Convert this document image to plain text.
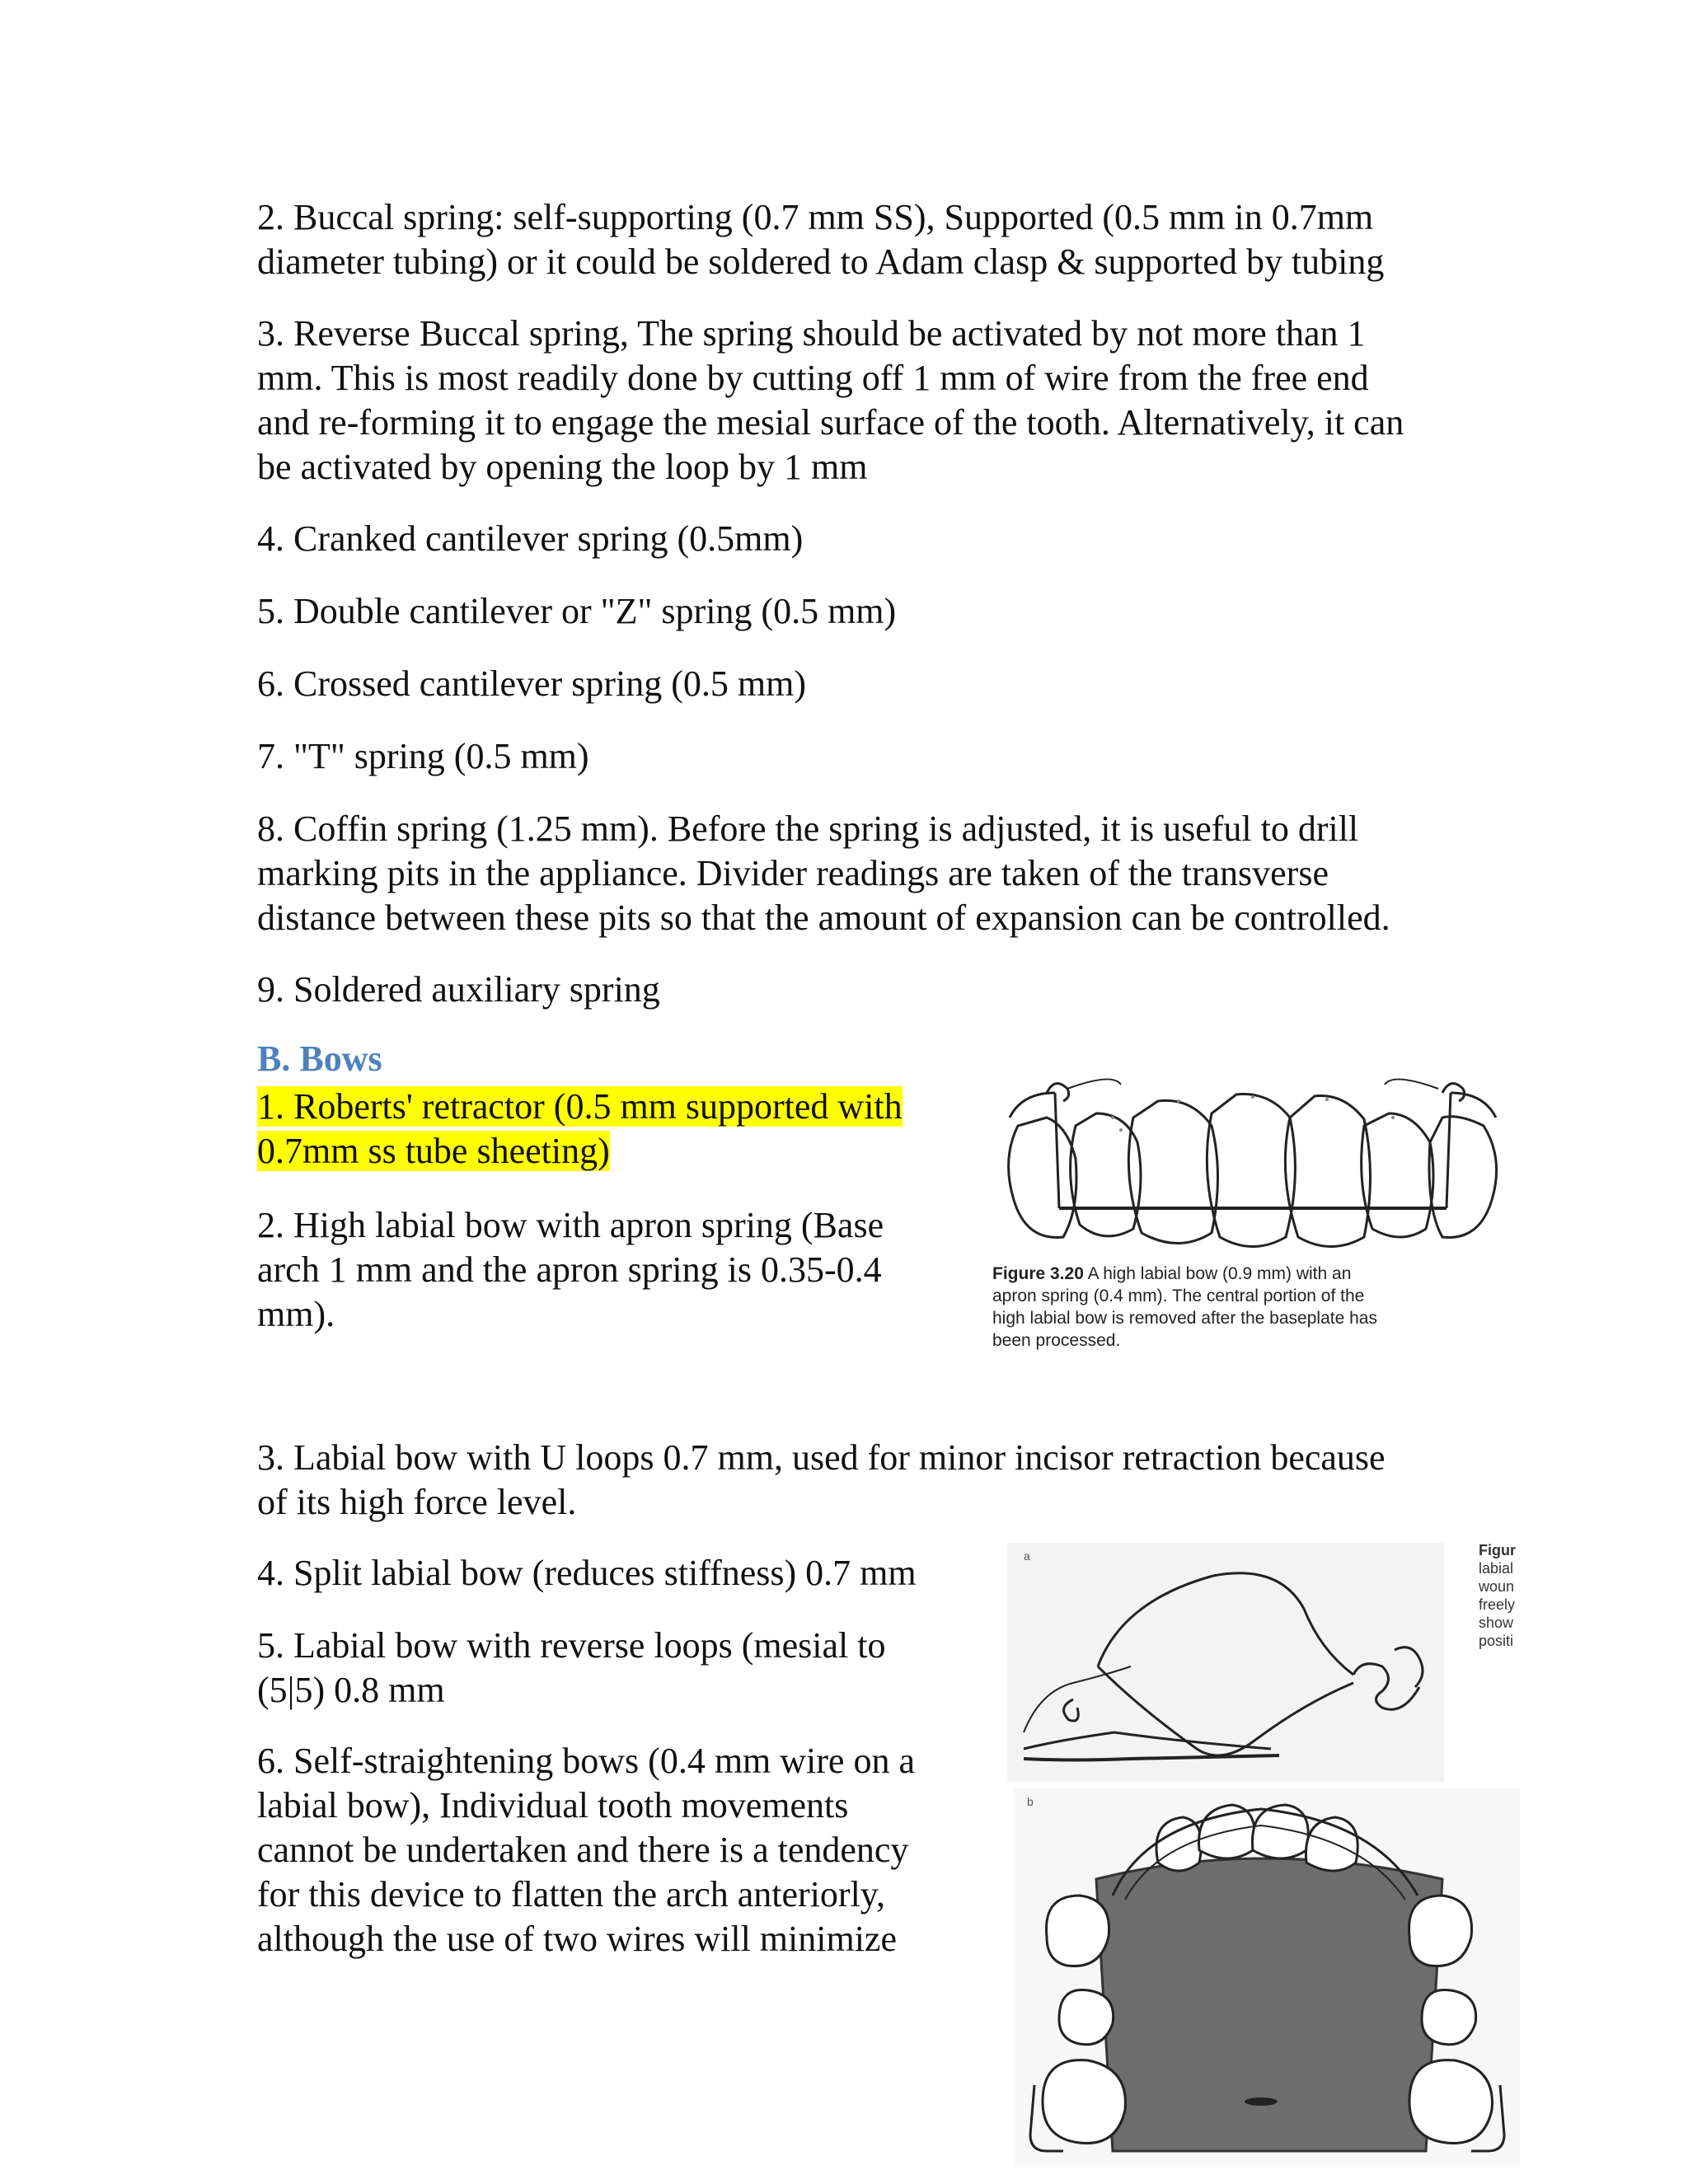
2. Buccal spring: self-supporting (0.7 mm SS), Supported (0.5 mm in 0.7mm
diameter tubing) or it could be soldered to Adam clasp & supported by tubing

3. Reverse Buccal spring, The spring should be activated by not more than 1
mm. This is most readily done by cutting off 1 mm of wire from the free end
and re-forming it to engage the mesial surface of the tooth. Alternatively, it can
be activated by opening the loop by 1 mm

4. Cranked cantilever spring (0.5mm)

5. Double cantilever or "Z" spring (0.5 mm)

6. Crossed cantilever spring (0.5 mm)

7. "T" spring (0.5 mm)

8. Coffin spring (1.25 mm). Before the spring is adjusted, it is useful to drill
marking pits in the appliance. Divider readings are taken of the transverse
distance between these pits so that the amount of expansion can be controlled.

9. Soldered auxiliary spring

B. Bows

1. Roberts' retractor (0.5 mm supported with
0.7mm ss tube sheeting)

2. High labial bow with apron spring (Base
arch 1 mm and the apron spring is 0.35-0.4
mm).

Figure 3.20 A high labial bow (0.9 mm) with an
apron spring (0.4 mm). The central portion of the
high labial bow is removed after the baseplate has
been processed.

3. Labial bow with U loops 0.7 mm, used for minor incisor retraction because
of its high force level.

4. Split labial bow (reduces stiffness) 0.7 mm

5. Labial bow with reverse loops (mesial to
(5|5) 0.8 mm

6. Self-straightening bows (0.4 mm wire on a
labial bow), Individual tooth movements
cannot be undertaken and there is a tendency
for this device to flatten the arch anteriorly,
although the use of two wires will minimize

a	Figur
labial
woun
freely
show
positi
b
